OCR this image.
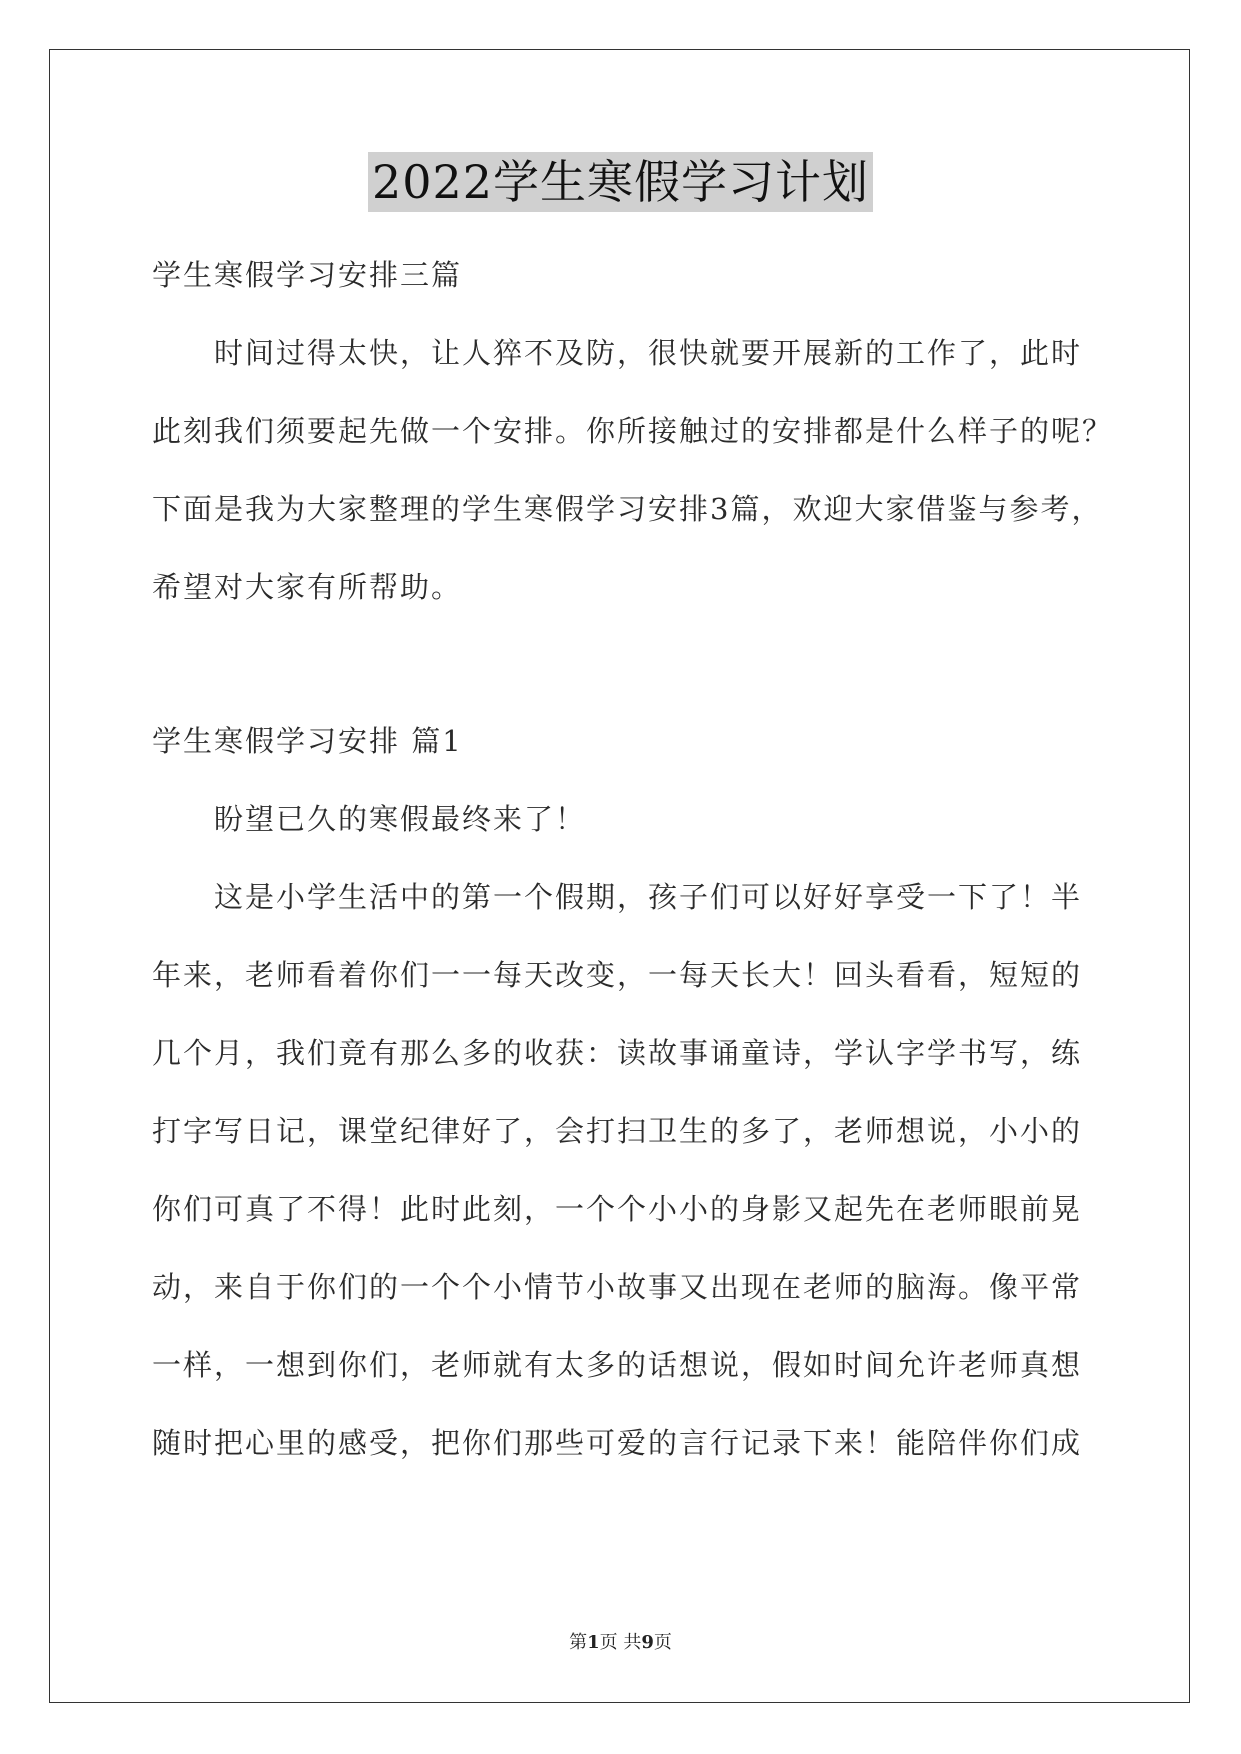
2022学生寒假学习计划
学生寒假学习安排三篇
时间过得太快，让人猝不及防，很快就要开展新的工作了，此时
此刻我们须要起先做一个安排。你所接触过的安排都是什么样子的呢？
下面是我为大家整理的学生寒假学习安排3篇，欢迎大家借鉴与参考，
希望对大家有所帮助。
学生寒假学习安排 篇1
盼望已久的寒假最终来了！
这是小学生活中的第一个假期，孩子们可以好好享受一下了！半
年来，老师看着你们一一每天改变，一每天长大！回头看看，短短的
几个月，我们竟有那么多的收获：读故事诵童诗，学认字学书写，练
打字写日记，课堂纪律好了，会打扫卫生的多了，老师想说，小小的
你们可真了不得！此时此刻，一个个小小的身影又起先在老师眼前晃
动，来自于你们的一个个小情节小故事又出现在老师的脑海。像平常
一样，一想到你们，老师就有太多的话想说，假如时间允许老师真想
随时把心里的感受，把你们那些可爱的言行记录下来！能陪伴你们成
第1页 共9页
